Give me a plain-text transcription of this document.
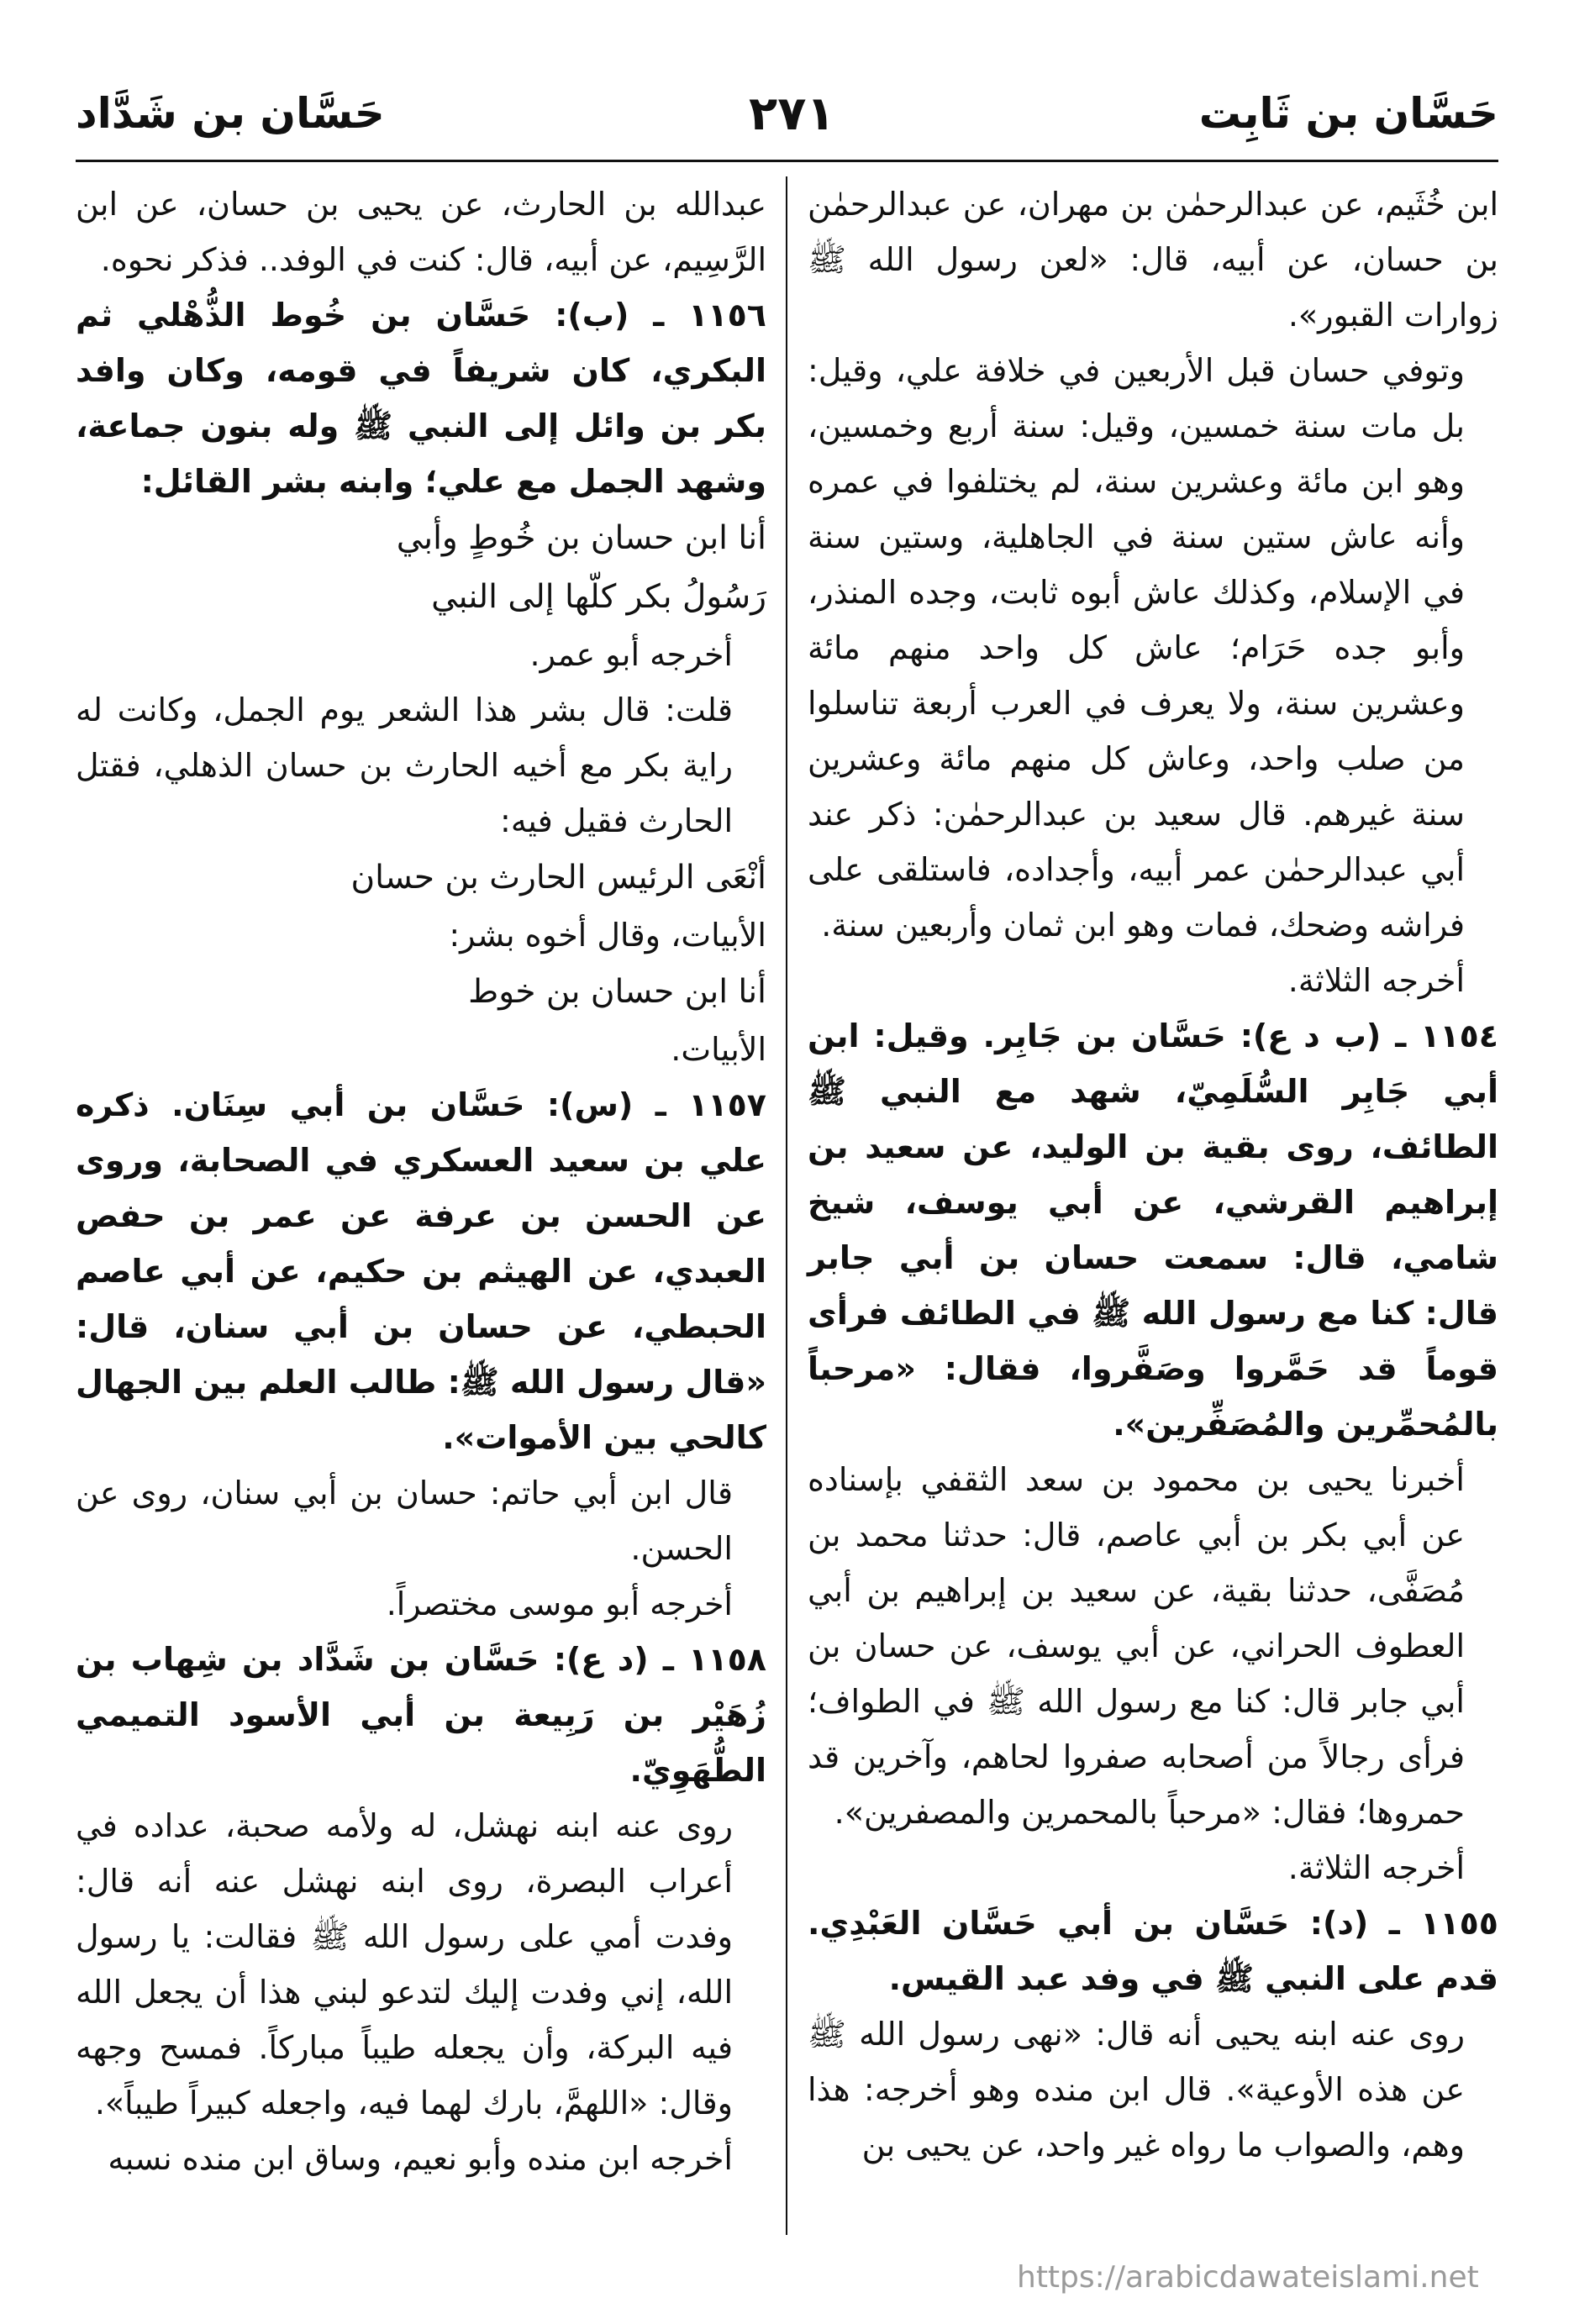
حَسَّان بن ثَابِت
٢٧١
حَسَّان بن شَدَّاد

ابن خُثَيم، عن عبدالرحمٰن بن مهران، عن عبدالرحمٰن بن حسان، عن أبيه، قال: «لعن رسول الله ﷺ زوارات القبور».

وتوفي حسان قبل الأربعين في خلافة علي، وقيل: بل مات سنة خمسين، وقيل: سنة أربع وخمسين، وهو ابن مائة وعشرين سنة، لم يختلفوا في عمره وأنه عاش ستين سنة في الجاهلية، وستين سنة في الإسلام، وكذلك عاش أبوه ثابت، وجده المنذر، وأبو جده حَرَام؛ عاش كل واحد منهم مائة وعشرين سنة، ولا يعرف في العرب أربعة تناسلوا من صلب واحد، وعاش كل منهم مائة وعشرين سنة غيرهم. قال سعيد بن عبدالرحمٰن: ذكر عند أبي عبدالرحمٰن عمر أبيه، وأجداده، فاستلقى على فراشه وضحك، فمات وهو ابن ثمان وأربعين سنة.

أخرجه الثلاثة.

١١٥٤ ـ (ب د ع): حَسَّان بن جَابِر. وقيل: ابن أبي جَابِر السُّلَمِيّ، شهد مع النبي ﷺ الطائف، روى بقية بن الوليد، عن سعيد بن إبراهيم القرشي، عن أبي يوسف، شيخ شامي، قال: سمعت حسان بن أبي جابر قال: كنا مع رسول الله ﷺ في الطائف فرأى قوماً قد حَمَّروا وصَفَّروا، فقال: «مرحباً بالمُحمِّرين والمُصَفِّرين».

أخبرنا يحيى بن محمود بن سعد الثقفي بإسناده عن أبي بكر بن أبي عاصم، قال: حدثنا محمد بن مُصَفَّى، حدثنا بقية، عن سعيد بن إبراهيم بن أبي العطوف الحراني، عن أبي يوسف، عن حسان بن أبي جابر قال: كنا مع رسول الله ﷺ في الطواف؛ فرأى رجالاً من أصحابه صفروا لحاهم، وآخرين قد حمروها؛ فقال: «مرحباً بالمحمرين والمصفرين».

أخرجه الثلاثة.

١١٥٥ ـ (د): حَسَّان بن أبي حَسَّان العَبْدِي. قدم على النبي ﷺ في وفد عبد القيس.

روى عنه ابنه يحيى أنه قال: «نهى رسول الله ﷺ عن هذه الأوعية». قال ابن منده وهو أخرجه: هذا وهم، والصواب ما رواه غير واحد، عن يحيى بن

عبدالله بن الحارث، عن يحيى بن حسان، عن ابن الرَّسِيم، عن أبيه، قال: كنت في الوفد.. فذكر نحوه.

١١٥٦ ـ (ب): حَسَّان بن خُوط الذُّهْلي ثم البكري، كان شريفاً في قومه، وكان وافد بكر بن وائل إلى النبي ﷺ وله بنون جماعة، وشهد الجمل مع علي؛ وابنه بشر القائل:

أنا ابن حسان بن خُوطٍ وأبي
رَسُولُ بكر كلّها إلى النبي

أخرجه أبو عمر.

قلت: قال بشر هذا الشعر يوم الجمل، وكانت له راية بكر مع أخيه الحارث بن حسان الذهلي، فقتل الحارث فقيل فيه:

أنْعَى الرئيس الحارث بن حسان

الأبيات، وقال أخوه بشر:

أنا ابن حسان بن خوط

الأبيات.

١١٥٧ ـ (س): حَسَّان بن أبي سِنَان. ذكره علي بن سعيد العسكري في الصحابة، وروى عن الحسن بن عرفة عن عمر بن حفص العبدي، عن الهيثم بن حكيم، عن أبي عاصم الحبطي، عن حسان بن أبي سنان، قال: «قال رسول الله ﷺ: طالب العلم بين الجهال كالحي بين الأموات».

قال ابن أبي حاتم: حسان بن أبي سنان، روى عن الحسن.

أخرجه أبو موسى مختصراً.

١١٥٨ ـ (د ع): حَسَّان بن شَدَّاد بن شِهاب بن زُهَيْر بن رَبِيعة بن أبي الأسود التميمي الطُّهَوِيّ.

روى عنه ابنه نهشل، له ولأمه صحبة، عداده في أعراب البصرة، روى ابنه نهشل عنه أنه قال: وفدت أمي على رسول الله ﷺ فقالت: يا رسول الله، إني وفدت إليك لتدعو لبني هذا أن يجعل الله فيه البركة، وأن يجعله طيباً مباركاً. فمسح وجهه وقال: «اللهمَّ، بارك لهما فيه، واجعله كبيراً طيباً».

أخرجه ابن منده وأبو نعيم، وساق ابن منده نسبه

https://arabicdawateislami.net
